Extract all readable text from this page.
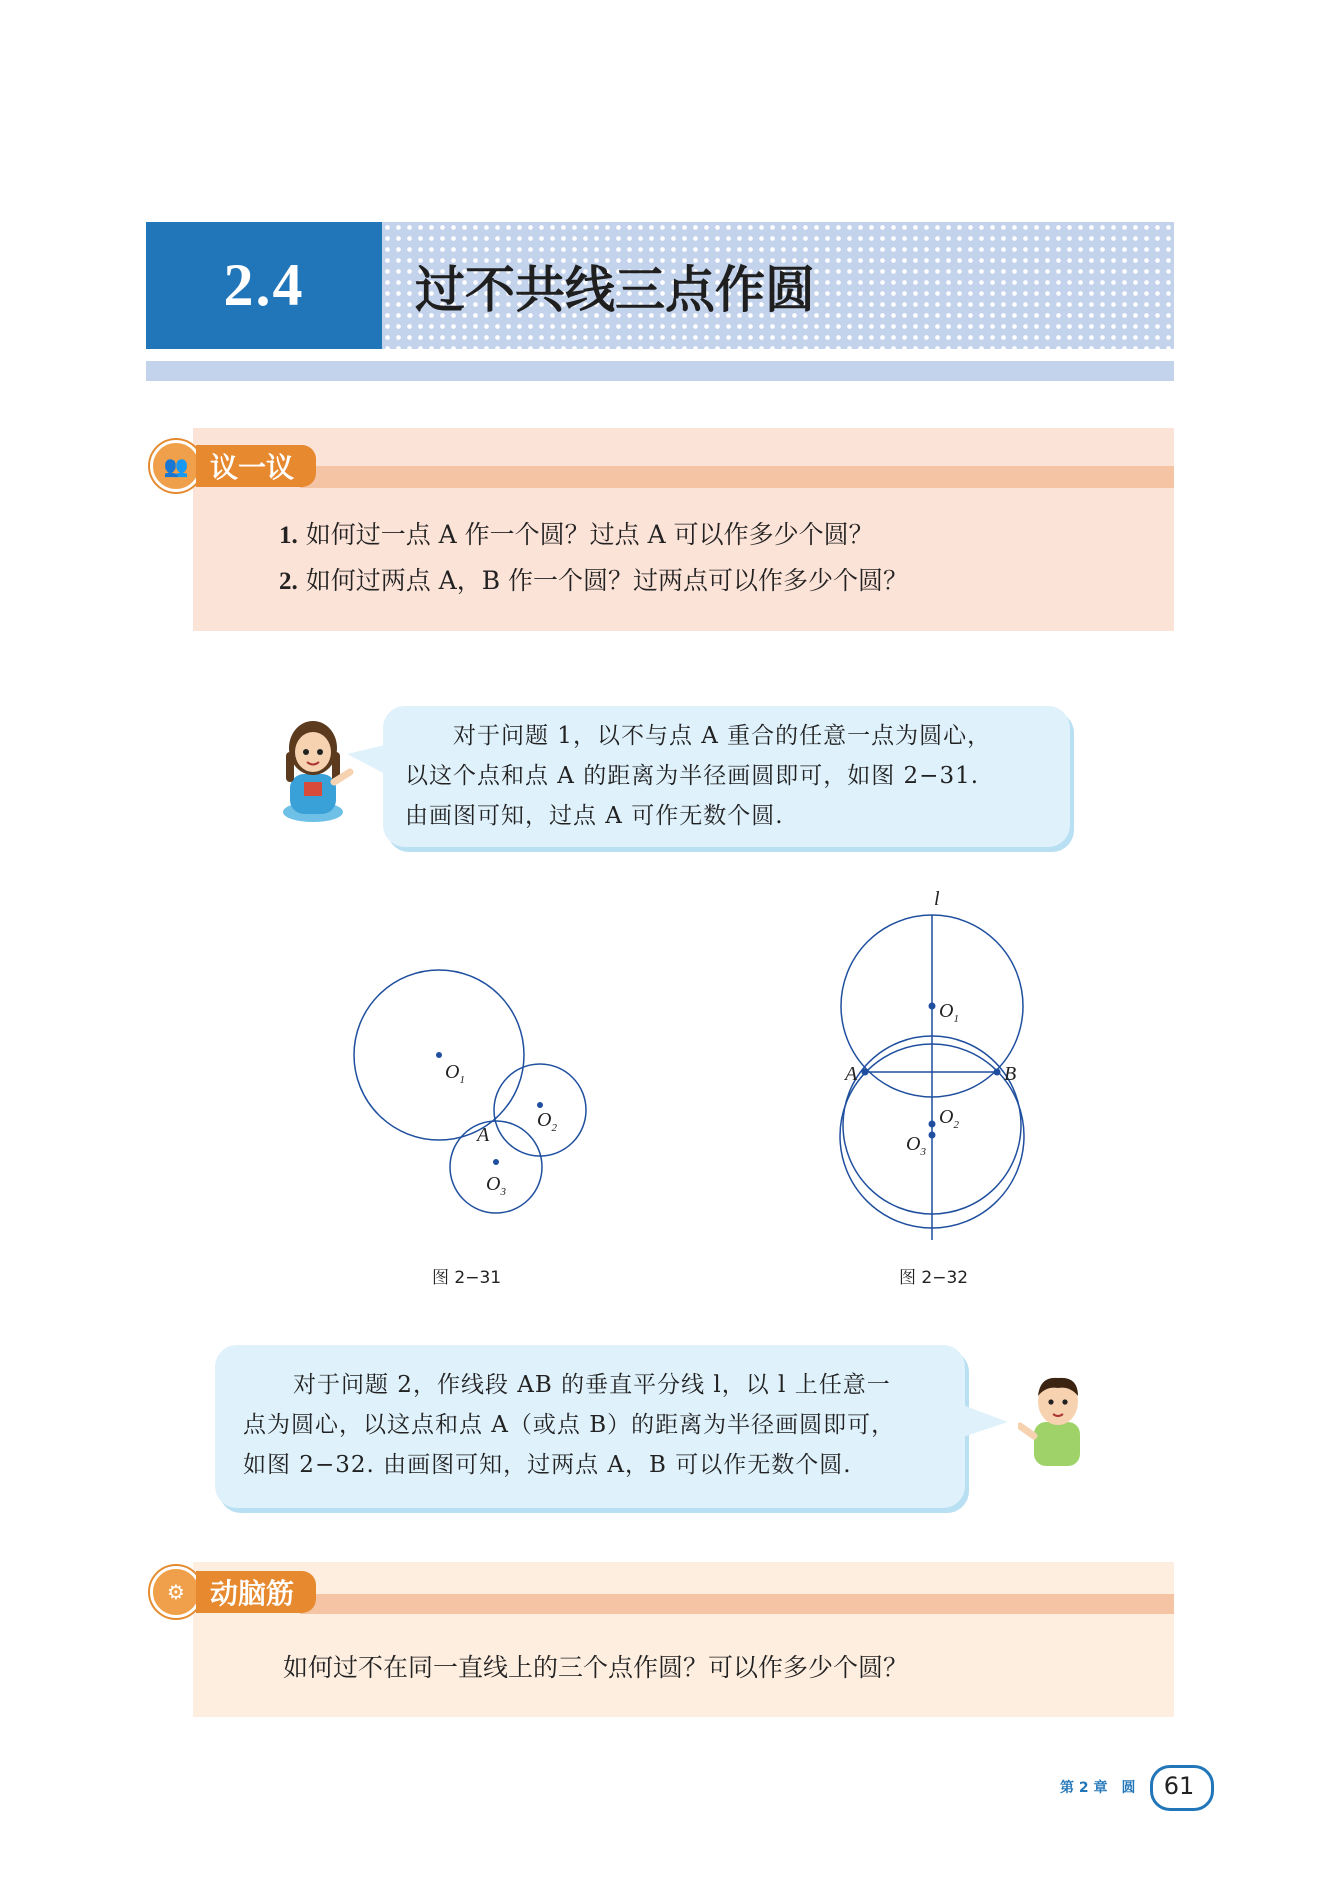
2.4	过不共线三点作圆
👥 议一议
1. 如何过一点 A 作一个圆？过点 A 可以作多少个圆？
2. 如何过两点 A，B 作一个圆？过两点可以作多少个圆？
对于问题 1，以不与点 A 重合的任意一点为圆心，
以这个点和点 A 的距离为半径画圆即可，如图 2−31.
由画图可知，过点 A 可作无数个圆.
$O_1$
$O_2$
$O_3$
A
图 2−31
l
$O_1$
$O_2$
$O_3$
A	B
图 2−32
对于问题 2，作线段 AB 的垂直平分线 l，以 l 上任意一
点为圆心，以这点和点 A（或点 B）的距离为半径画圆即可，
如图 2−32. 由画图可知，过两点 A，B 可以作无数个圆.
⚙ 动脑筋
如何过不在同一直线上的三个点作圆？可以作多少个圆？
第 2 章　圆 61
